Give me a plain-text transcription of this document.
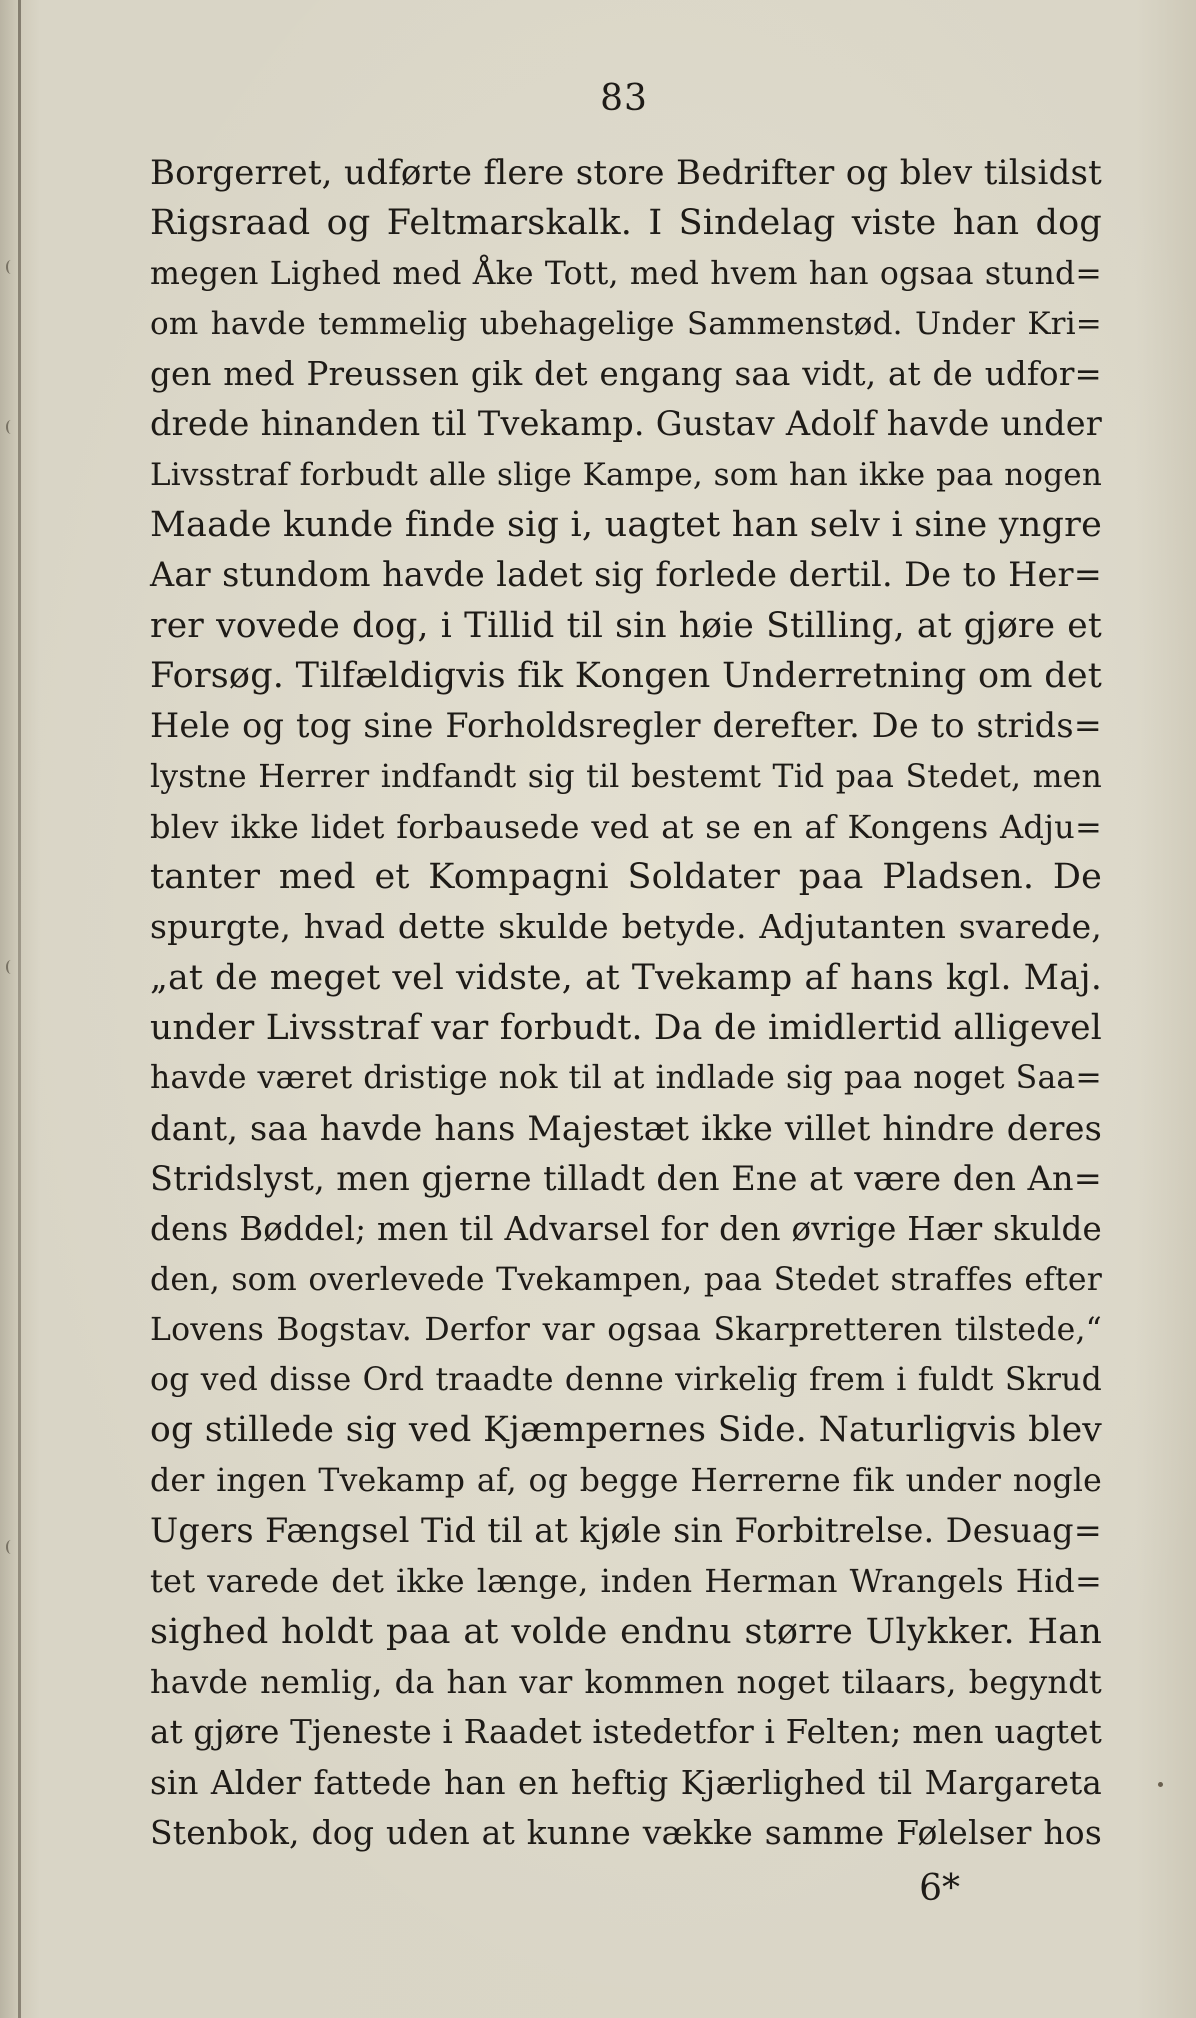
83
Borgerret, udførte flere store Bedrifter og blev tilsidst
Rigsraad og Feltmarskalk. I Sindelag viste han dog
megen Lighed med Åke Tott, med hvem han ogsaa stund=
om havde temmelig ubehagelige Sammenstød. Under Kri=
gen med Preussen gik det engang saa vidt, at de udfor=
drede hinanden til Tvekamp. Gustav Adolf havde under
Livsstraf forbudt alle slige Kampe, som han ikke paa nogen
Maade kunde finde sig i, uagtet han selv i sine yngre
Aar stundom havde ladet sig forlede dertil. De to Her=
rer vovede dog, i Tillid til sin høie Stilling, at gjøre et
Forsøg. Tilfældigvis fik Kongen Underretning om det
Hele og tog sine Forholdsregler derefter. De to strids=
lystne Herrer indfandt sig til bestemt Tid paa Stedet, men
blev ikke lidet forbausede ved at se en af Kongens Adju=
tanter med et Kompagni Soldater paa Pladsen. De
spurgte, hvad dette skulde betyde. Adjutanten svarede,
„at de meget vel vidste, at Tvekamp af hans kgl. Maj.
under Livsstraf var forbudt. Da de imidlertid alligevel
havde været dristige nok til at indlade sig paa noget Saa=
dant, saa havde hans Majestæt ikke villet hindre deres
Stridslyst, men gjerne tilladt den Ene at være den An=
dens Bøddel; men til Advarsel for den øvrige Hær skulde
den, som overlevede Tvekampen, paa Stedet straffes efter
Lovens Bogstav. Derfor var ogsaa Skarpretteren tilstede,“
og ved disse Ord traadte denne virkelig frem i fuldt Skrud
og stillede sig ved Kjæmpernes Side. Naturligvis blev
der ingen Tvekamp af, og begge Herrerne fik under nogle
Ugers Fængsel Tid til at kjøle sin Forbitrelse. Desuag=
tet varede det ikke længe, inden Herman Wrangels Hid=
sighed holdt paa at volde endnu større Ulykker. Han
havde nemlig, da han var kommen noget tilaars, begyndt
at gjøre Tjeneste i Raadet istedetfor i Felten; men uagtet
sin Alder fattede han en heftig Kjærlighed til Margareta
Stenbok, dog uden at kunne vække samme Følelser hos
6*
